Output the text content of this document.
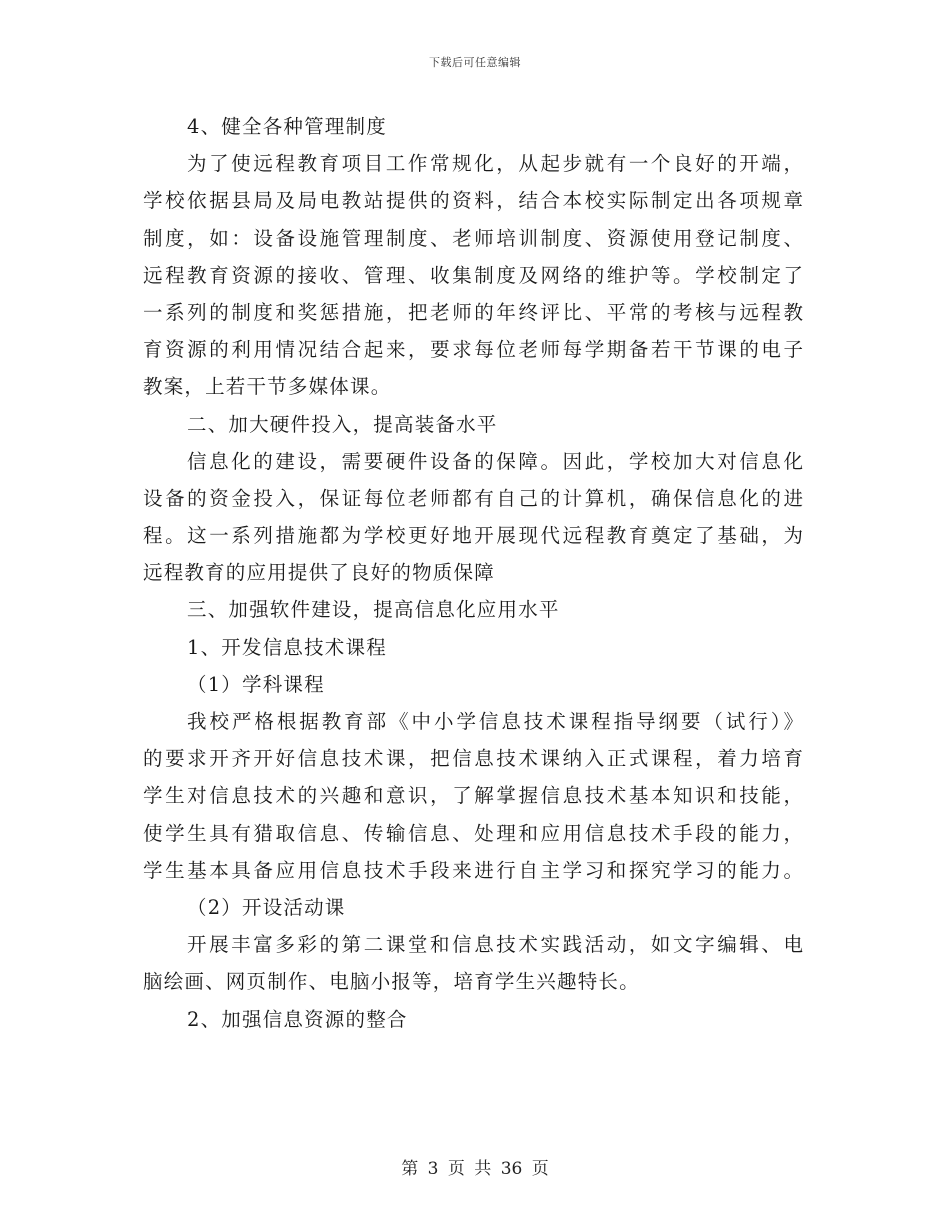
下载后可任意编辑
4、健全各种管理制度
为了使远程教育项目工作常规化，从起步就有一个良好的开端，
学校依据县局及局电教站提供的资料，结合本校实际制定出各项规章
制度，如：设备设施管理制度、老师培训制度、资源使用登记制度、
远程教育资源的接收、管理、收集制度及网络的维护等。学校制定了
一系列的制度和奖惩措施，把老师的年终评比、平常的考核与远程教
育资源的利用情况结合起来，要求每位老师每学期备若干节课的电子
教案，上若干节多媒体课。
二、加大硬件投入，提高装备水平
信息化的建设，需要硬件设备的保障。因此，学校加大对信息化
设备的资金投入，保证每位老师都有自己的计算机，确保信息化的进
程。这一系列措施都为学校更好地开展现代远程教育奠定了基础，为
远程教育的应用提供了良好的物质保障
三、加强软件建设，提高信息化应用水平
1、开发信息技术课程
（1）学科课程
我校严格根据教育部《中小学信息技术课程指导纲要（试行）》
的要求开齐开好信息技术课，把信息技术课纳入正式课程，着力培育
学生对信息技术的兴趣和意识，了解掌握信息技术基本知识和技能，
使学生具有猎取信息、传输信息、处理和应用信息技术手段的能力，
学生基本具备应用信息技术手段来进行自主学习和探究学习的能力。
（2）开设活动课
开展丰富多彩的第二课堂和信息技术实践活动，如文字编辑、电
脑绘画、网页制作、电脑小报等，培育学生兴趣特长。
2、加强信息资源的整合
第 3 页 共 36 页
